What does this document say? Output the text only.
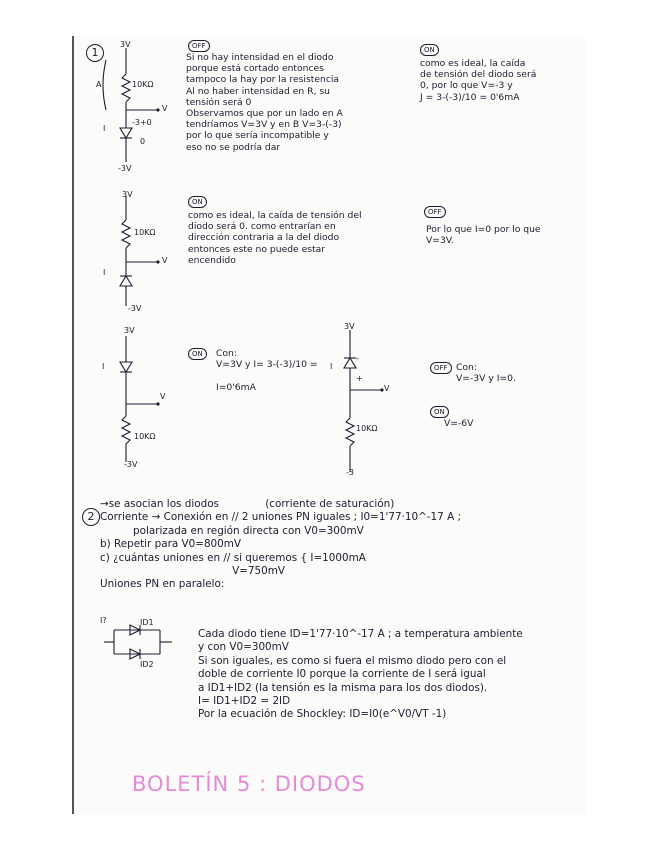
1
3V
10KΩ
A
-3+0
0
I
V
-3V
OFF
Si no hay intensidad en el diodo
porque está cortado entonces
tampoco la hay por la resistencia
Al no haber intensidad en R, su
tensión será 0
Observamos que por un lado en A
tendríamos V=3V y en B V=3-(-3)
por lo que sería incompatible y
eso no se podría dar
ON
como es ideal, la caída
de tensión del diodo será
0, por lo que V=-3 y
J = 3-(-3)/10 = 0'6mA
3V
10KΩ
I
V
-3V
ON
como es ideal, la caída de tensión del
diodo será 0. como entrarían en
dirección contraria a la del diodo
entonces este no puede estar
encendido
OFF
Por lo que I=0 por lo que
V=3V.
3V
I
V
10KΩ
-3V
ON	Con:
V=3V y I= 3-(-3)/10 =

I=0'6mA
3V
I
-
+
V
10KΩ
-3
OFF Con:
V=-3V y I=0.
ON
V=-6V
2
→se asocian los diodos              (corriente de saturación)
Corriente → Conexión en // 2 uniones PN iguales ; I0=1'77·10^-17 A ;
polarizada en región directa con V0=300mV
b) Repetir para V0=800mV
c) ¿cuántas uniones en // si queremos { I=1000mA
V=750mV
Uniones PN en paralelo:
I?	ID1
ID2
Cada diodo tiene ID=1'77·10^-17 A ; a temperatura ambiente
y con V0=300mV
Si son iguales, es como si fuera el mismo diodo pero con el
doble de corriente I0 porque la corriente de I será igual
a ID1+ID2 (la tensión es la misma para los dos diodos).
I= ID1+ID2 = 2ID
Por la ecuación de Shockley: ID=I0(e^V0/VT -1)
BOLETÍN 5 : DIODOS
